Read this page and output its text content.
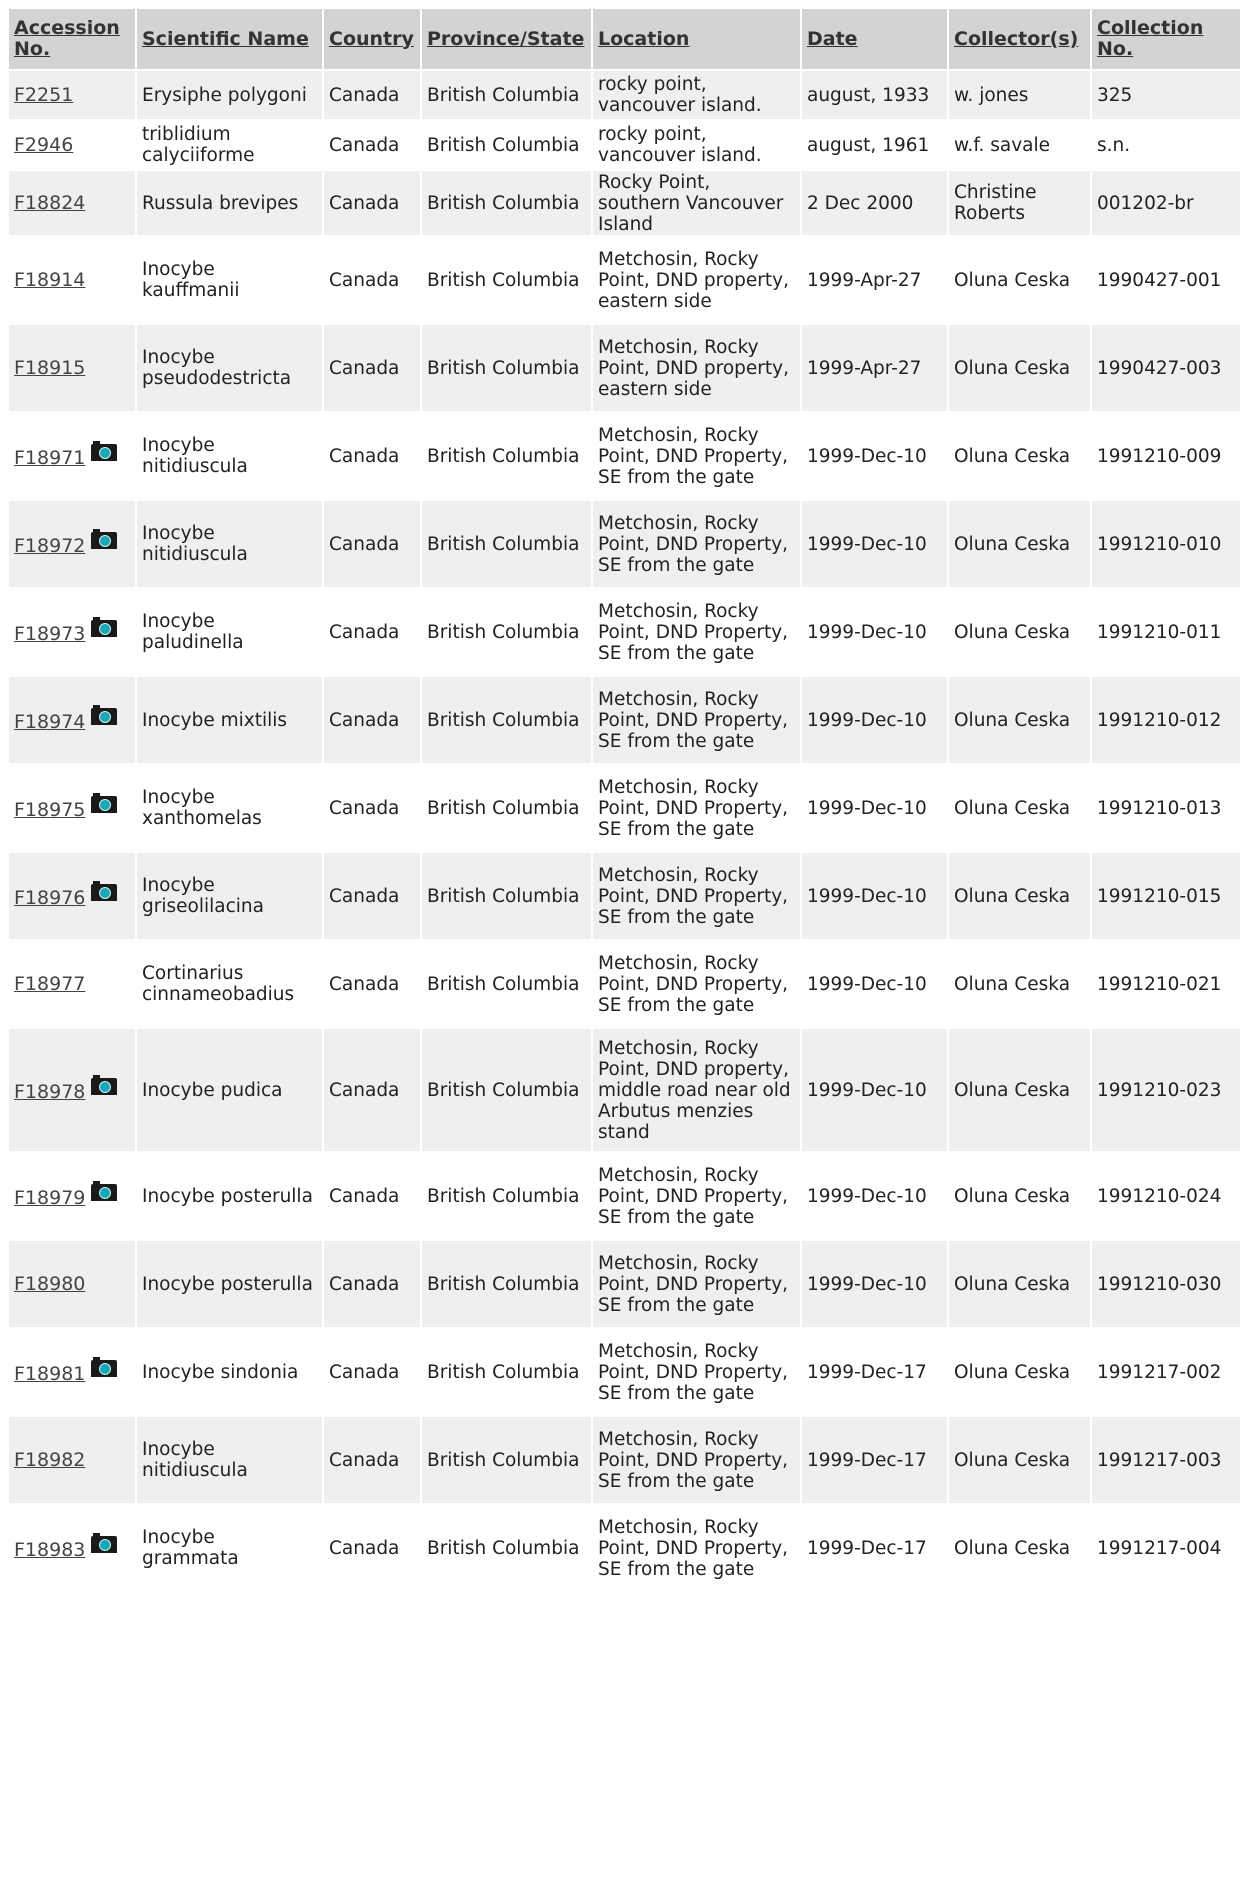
Accession No.	Scientific Name	Country	Province/State	Location	Date	Collector(s)	Collection No.
F2251	Erysiphe polygoni	Canada	British Columbia	rocky point, vancouver island.	august, 1933	w. jones	325
F2946	triblidium calyciiforme	Canada	British Columbia	rocky point, vancouver island.	august, 1961	w.f. savale	s.n.
F18824	Russula brevipes	Canada	British Columbia	Rocky Point, southern Vancouver Island	2 Dec 2000	Christine Roberts	001202-br
F18914	Inocybe kauffmanii	Canada	British Columbia	Metchosin, Rocky Point, DND property, eastern side	1999-Apr-27	Oluna Ceska	1990427-001
F18915	Inocybe pseudodestricta	Canada	British Columbia	Metchosin, Rocky Point, DND property, eastern side	1999-Apr-27	Oluna Ceska	1990427-003
F18971	Inocybe nitidiuscula	Canada	British Columbia	Metchosin, Rocky Point, DND Property, SE from the gate	1999-Dec-10	Oluna Ceska	1991210-009
F18972	Inocybe nitidiuscula	Canada	British Columbia	Metchosin, Rocky Point, DND Property, SE from the gate	1999-Dec-10	Oluna Ceska	1991210-010
F18973	Inocybe paludinella	Canada	British Columbia	Metchosin, Rocky Point, DND Property, SE from the gate	1999-Dec-10	Oluna Ceska	1991210-011
F18974	Inocybe mixtilis	Canada	British Columbia	Metchosin, Rocky Point, DND Property, SE from the gate	1999-Dec-10	Oluna Ceska	1991210-012
F18975	Inocybe xanthomelas	Canada	British Columbia	Metchosin, Rocky Point, DND Property, SE from the gate	1999-Dec-10	Oluna Ceska	1991210-013
F18976	Inocybe griseolilacina	Canada	British Columbia	Metchosin, Rocky Point, DND Property, SE from the gate	1999-Dec-10	Oluna Ceska	1991210-015
F18977	Cortinarius cinnameobadius	Canada	British Columbia	Metchosin, Rocky Point, DND Property, SE from the gate	1999-Dec-10	Oluna Ceska	1991210-021
F18978	Inocybe pudica	Canada	British Columbia	Metchosin, Rocky Point, DND property, middle road near old Arbutus menzies stand	1999-Dec-10	Oluna Ceska	1991210-023
F18979	Inocybe posterulla	Canada	British Columbia	Metchosin, Rocky Point, DND Property, SE from the gate	1999-Dec-10	Oluna Ceska	1991210-024
F18980	Inocybe posterulla	Canada	British Columbia	Metchosin, Rocky Point, DND Property, SE from the gate	1999-Dec-10	Oluna Ceska	1991210-030
F18981	Inocybe sindonia	Canada	British Columbia	Metchosin, Rocky Point, DND Property, SE from the gate	1999-Dec-17	Oluna Ceska	1991217-002
F18982	Inocybe nitidiuscula	Canada	British Columbia	Metchosin, Rocky Point, DND Property, SE from the gate	1999-Dec-17	Oluna Ceska	1991217-003
F18983	Inocybe grammata	Canada	British Columbia	Metchosin, Rocky Point, DND Property, SE from the gate	1999-Dec-17	Oluna Ceska	1991217-004
